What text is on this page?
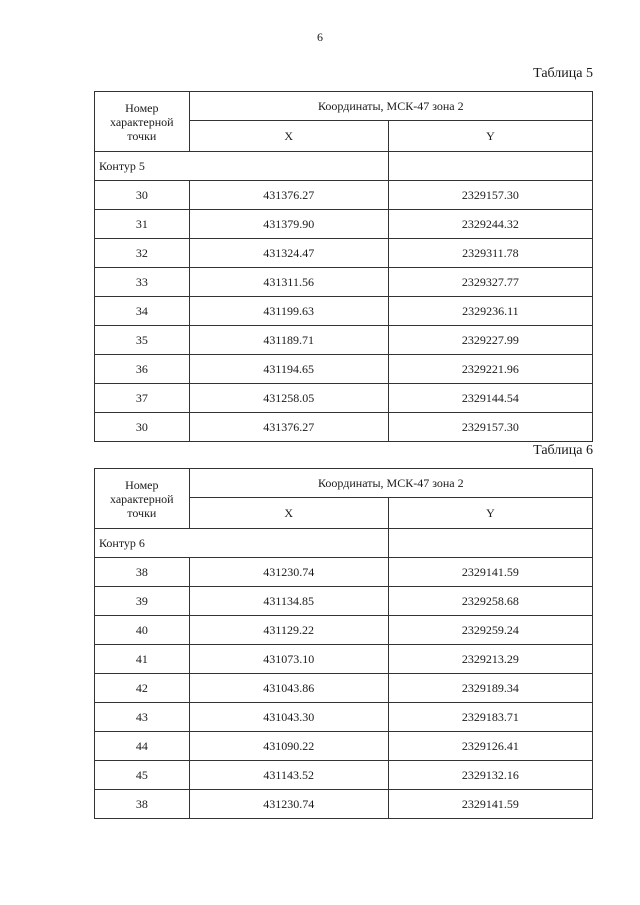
6
Таблица 5
Номер характерной точки	Координаты, МСК-47 зона 2	
	X	Y
Контур 5		
30	431376.27	2329157.30
31	431379.90	2329244.32
32	431324.47	2329311.78
33	431311.56	2329327.77
34	431199.63	2329236.11
35	431189.71	2329227.99
36	431194.65	2329221.96
37	431258.05	2329144.54
30	431376.27	2329157.30
Таблица 6
Номер характерной точки	Координаты, МСК-47 зона 2	
	X	Y
Контур 6		
38	431230.74	2329141.59
39	431134.85	2329258.68
40	431129.22	2329259.24
41	431073.10	2329213.29
42	431043.86	2329189.34
43	431043.30	2329183.71
44	431090.22	2329126.41
45	431143.52	2329132.16
38	431230.74	2329141.59
